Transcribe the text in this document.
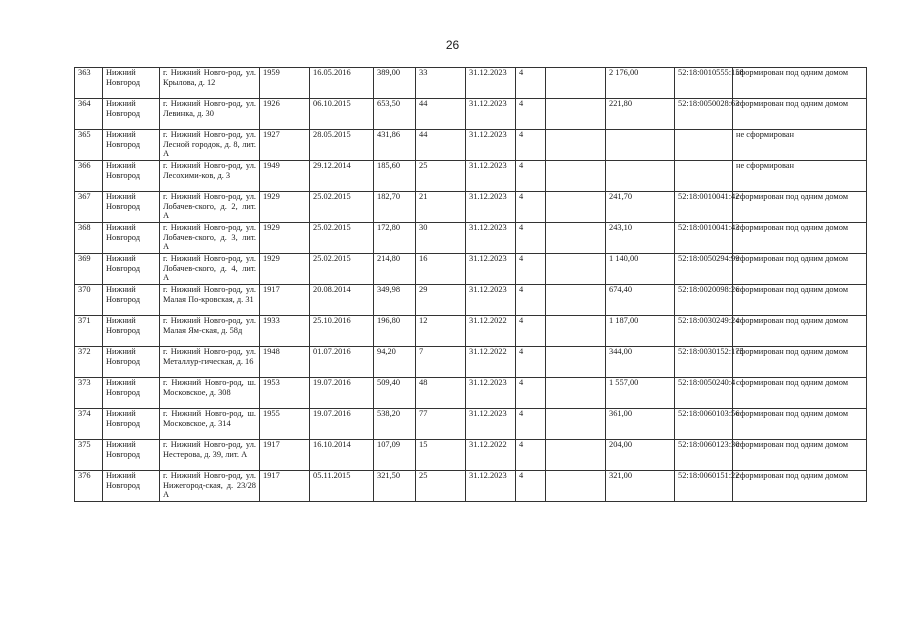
26
363	Нижний Новгород	г. Нижний Новго-род, ул. Крылова, д. 12	1959	16.05.2016	389,00	33	31.12.2023	4		2 176,00	52:18:0010555:158	сформирован под одним домом
364	Нижний Новгород	г. Нижний Новго-род, ул. Левинка, д. 30	1926	06.10.2015	653,50	44	31.12.2023	4		221,80	52:18:0050028:63	сформирован под одним домом
365	Нижний Новгород	г. Нижний Новго-род, ул. Лесной городок, д. 8, лит. А	1927	28.05.2015	431,86	44	31.12.2023	4				не сформирован
366	Нижний Новгород	г. Нижний Новго-род, ул. Лесохими-ков, д. 3	1949	29.12.2014	185,60	25	31.12.2023	4				не сформирован
367	Нижний Новгород	г. Нижний Новго-род, ул. Лобачев-ского, д. 2, лит. А	1929	25.02.2015	182,70	21	31.12.2023	4		241,70	52:18:0010041:42	сформирован под одним домом
368	Нижний Новгород	г. Нижний Новго-род, ул. Лобачев-ского, д. 3, лит. А	1929	25.02.2015	172,80	30	31.12.2023	4		243,10	52:18:0010041:43	сформирован под одним домом
369	Нижний Новгород	г. Нижний Новго-род, ул. Лобачев-ского, д. 4, лит. А	1929	25.02.2015	214,80	16	31.12.2023	4		1 140,00	52:18:0050294:99	сформирован под одним домом
370	Нижний Новгород	г. Нижний Новго-род, ул. Малая По-кровская, д. 31	1917	20.08.2014	349,98	29	31.12.2023	4		674,40	52:18:0020098:26	сформирован под одним домом
371	Нижний Новгород	г. Нижний Новго-род, ул. Малая Ям-ская, д. 58д	1933	25.10.2016	196,80	12	31.12.2022	4		1 187,00	52:18:0030249:24	сформирован под одним домом
372	Нижний Новгород	г. Нижний Новго-род, ул. Металлур-гическая, д. 16	1948	01.07.2016	94,20	7	31.12.2022	4		344,00	52:18:0030152:175	сформирован под одним домом
373	Нижний Новгород	г. Нижний Новго-род, ш. Московское, д. 308	1953	19.07.2016	509,40	48	31.12.2023	4		1 557,00	52:18:0050240:4	сформирован под одним домом
374	Нижний Новгород	г. Нижний Новго-род, ш. Московское, д. 314	1955	19.07.2016	538,20	77	31.12.2023	4		361,00	52:18:0060103:56	сформирован под одним домом
375	Нижний Новгород	г. Нижний Новго-род, ул. Нестерова, д. 39, лит. А	1917	16.10.2014	107,09	15	31.12.2022	4		204,00	52:18:0060123:30	сформирован под одним домом
376	Нижний Новгород	г. Нижний Новго-род, ул. Нижегород-ская, д. 23/28 А	1917	05.11.2015	321,50	25	31.12.2023	4		321,00	52:18:0060151:22	сформирован под одним домом
